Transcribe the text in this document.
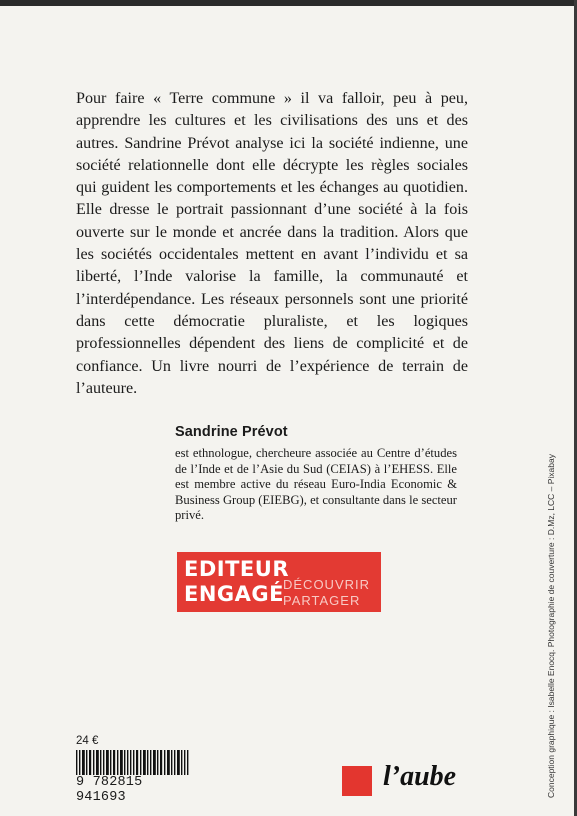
Pour faire « Terre commune » il va falloir, peu à peu, apprendre les cultures et les civilisations des uns et des autres. Sandrine Prévot analyse ici la société indienne, une société relationnelle dont elle décrypte les règles sociales qui guident les comportements et les échanges au quotidien. Elle dresse le portrait passionnant d’une société à la fois ouverte sur le monde et ancrée dans la tradition. Alors que les sociétés occidentales mettent en avant l’individu et sa liberté, l’Inde valorise la famille, la communauté et l’interdépendance. Les réseaux personnels sont une priorité dans cette démocratie pluraliste, et les logiques professionnelles dépendent des liens de complicité et de confiance. Un livre nourri de l’expérience de terrain de l’auteure.

Sandrine Prévot

est ethnologue, chercheure associée au Centre d’études de l’Inde et de l’Asie du Sud (CEIAS) à l’EHESS. Elle est membre active du réseau Euro-India Economic & Business Group (EIEBG), et consultante dans le secteur privé.

EDITEUR
ENGAGÉ DÉCOUVRIR
PARTAGER
24 €
9 782815 941693
l’aube	Conception graphique : Isabelle Enocq. Photographie de couverture : D.Mz, LCC – Pixabay
